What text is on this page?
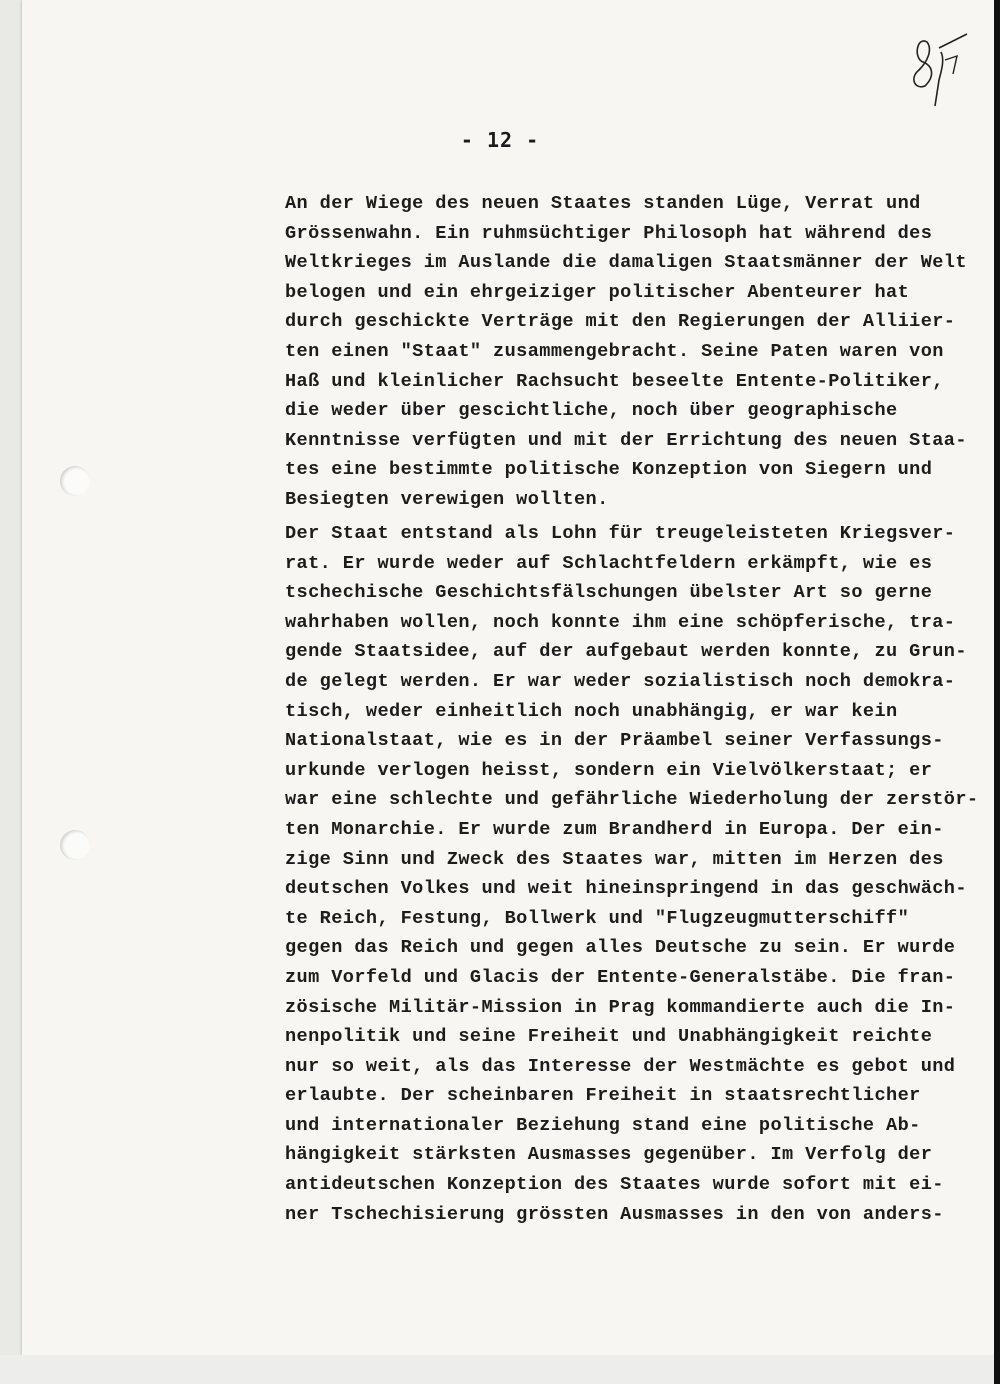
- 12 -
An der Wiege des neuen Staates standen Lüge, Verrat und
Grössenwahn. Ein ruhmsüchtiger Philosoph hat während des
Weltkrieges im Auslande die damaligen Staatsmänner der Welt
belogen und ein ehrgeiziger politischer Abenteurer hat
durch geschickte Verträge mit den Regierungen der Alliier-
ten einen "Staat" zusammengebracht. Seine Paten waren von
Haß und kleinlicher Rachsucht beseelte Entente-Politiker,
die weder über gescichtliche, noch über geographische
Kenntnisse verfügten und mit der Errichtung des neuen Staa-
tes eine bestimmte politische Konzeption von Siegern und
Besiegten verewigen wollten.
Der Staat entstand als Lohn für treugeleisteten Kriegsver-
rat. Er wurde weder auf Schlachtfeldern erkämpft, wie es
tschechische Geschichtsfälschungen übelster Art so gerne
wahrhaben wollen, noch konnte ihm eine schöpferische, tra-
gende Staatsidee, auf der aufgebaut werden konnte, zu Grun-
de gelegt werden. Er war weder sozialistisch noch demokra-
tisch, weder einheitlich noch unabhängig, er war kein
Nationalstaat, wie es in der Präambel seiner Verfassungs-
urkunde verlogen heisst, sondern ein Vielvölkerstaat; er
war eine schlechte und gefährliche Wiederholung der zerstör-
ten Monarchie. Er wurde zum Brandherd in Europa. Der ein-
zige Sinn und Zweck des Staates war, mitten im Herzen des
deutschen Volkes und weit hineinspringend in das geschwäch-
te Reich, Festung, Bollwerk und "Flugzeugmutterschiff"
gegen das Reich und gegen alles Deutsche zu sein. Er wurde
zum Vorfeld und Glacis der Entente-Generalstäbe. Die fran-
zösische Militär-Mission in Prag kommandierte auch die In-
nenpolitik und seine Freiheit und Unabhängigkeit reichte
nur so weit, als das Interesse der Westmächte es gebot und
erlaubte. Der scheinbaren Freiheit in staatsrechtlicher
und internationaler Beziehung stand eine politische Ab-
hängigkeit stärksten Ausmasses gegenüber. Im Verfolg der
antideutschen Konzeption des Staates wurde sofort mit ei-
ner Tschechisierung grössten Ausmasses in den von anders-
